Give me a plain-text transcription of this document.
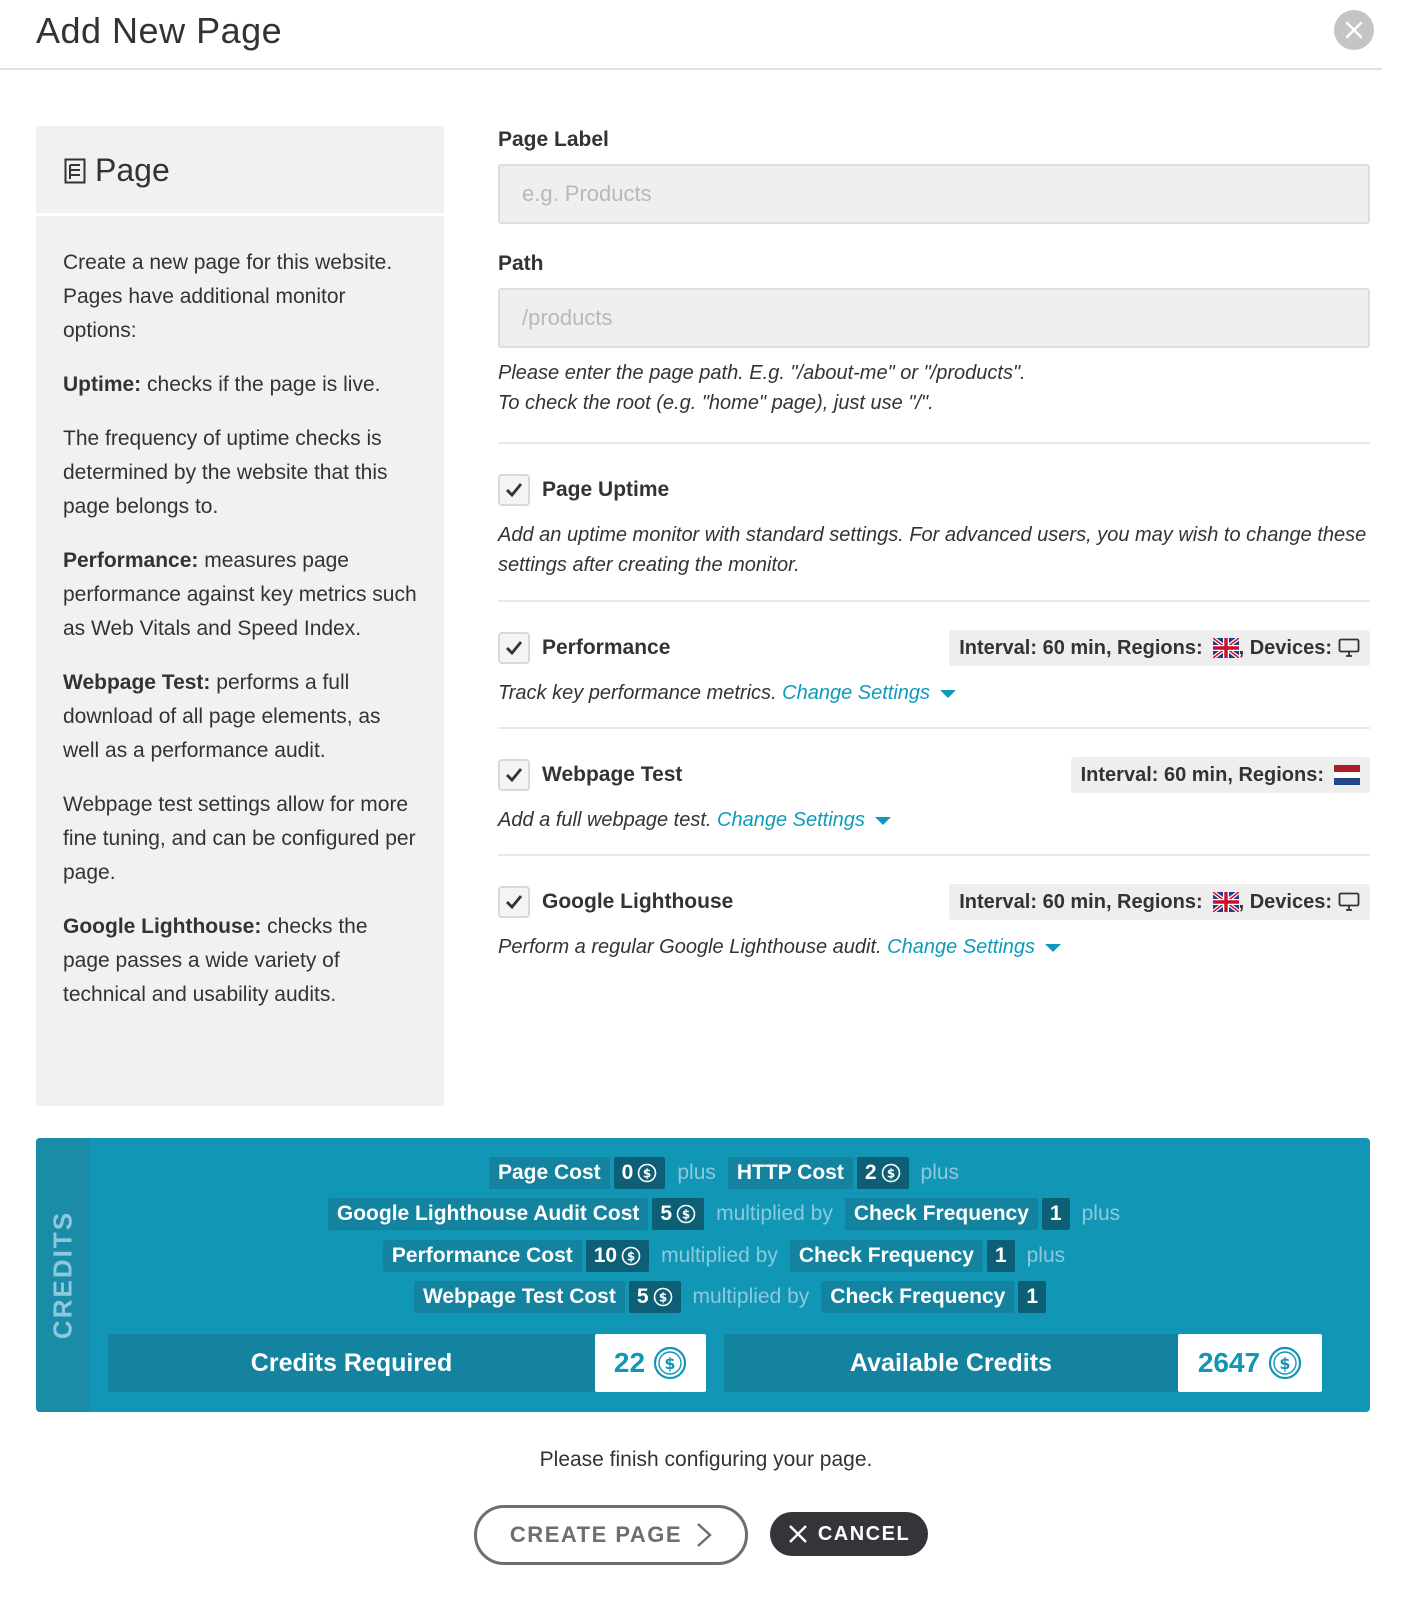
Add New Page
Page

Create a new page for this website. Pages have additional monitor options:

Uptime: checks if the page is live.

The frequency of uptime checks is determined by the website that this page belongs to.

Performance: measures page performance against key metrics such as Web Vitals and Speed Index.

Webpage Test: performs a full download of all page elements, as well as a performance audit.

Webpage test settings allow for more fine tuning, and can be configured per page.

Google Lighthouse: checks the page passes a wide variety of technical and usability audits.

Page Label
e.g. Products
Path
/products
Please enter the page path. E.g. "/about-me" or "/products".
To check the root (e.g. "home" page), just use "/".
Page Uptime
Add an uptime monitor with standard settings. For advanced users, you may wish to change these settings after creating the monitor.
Performance	Interval: 60 min, Regions: , Devices:
Track key performance metrics. Change Settings
Webpage Test	Interval: 60 min, Regions:
Add a full webpage test. Change Settings
Google Lighthouse	Interval: 60 min, Regions: , Devices:
Perform a regular Google Lighthouse audit. Change Settings
CREDITS
Page Cost	0 $ plus	HTTP Cost	2 $ plus
Google Lighthouse Audit Cost	5 $ multiplied by	Check Frequency	1 plus
Performance Cost	10 $ multiplied by	Check Frequency	1 plus
Webpage Test Cost	5 $ multiplied by	Check Frequency	1
Credits Required	22 $	Available Credits	2647 $
Please finish configuring your page.
CREATE PAGE	CANCEL
